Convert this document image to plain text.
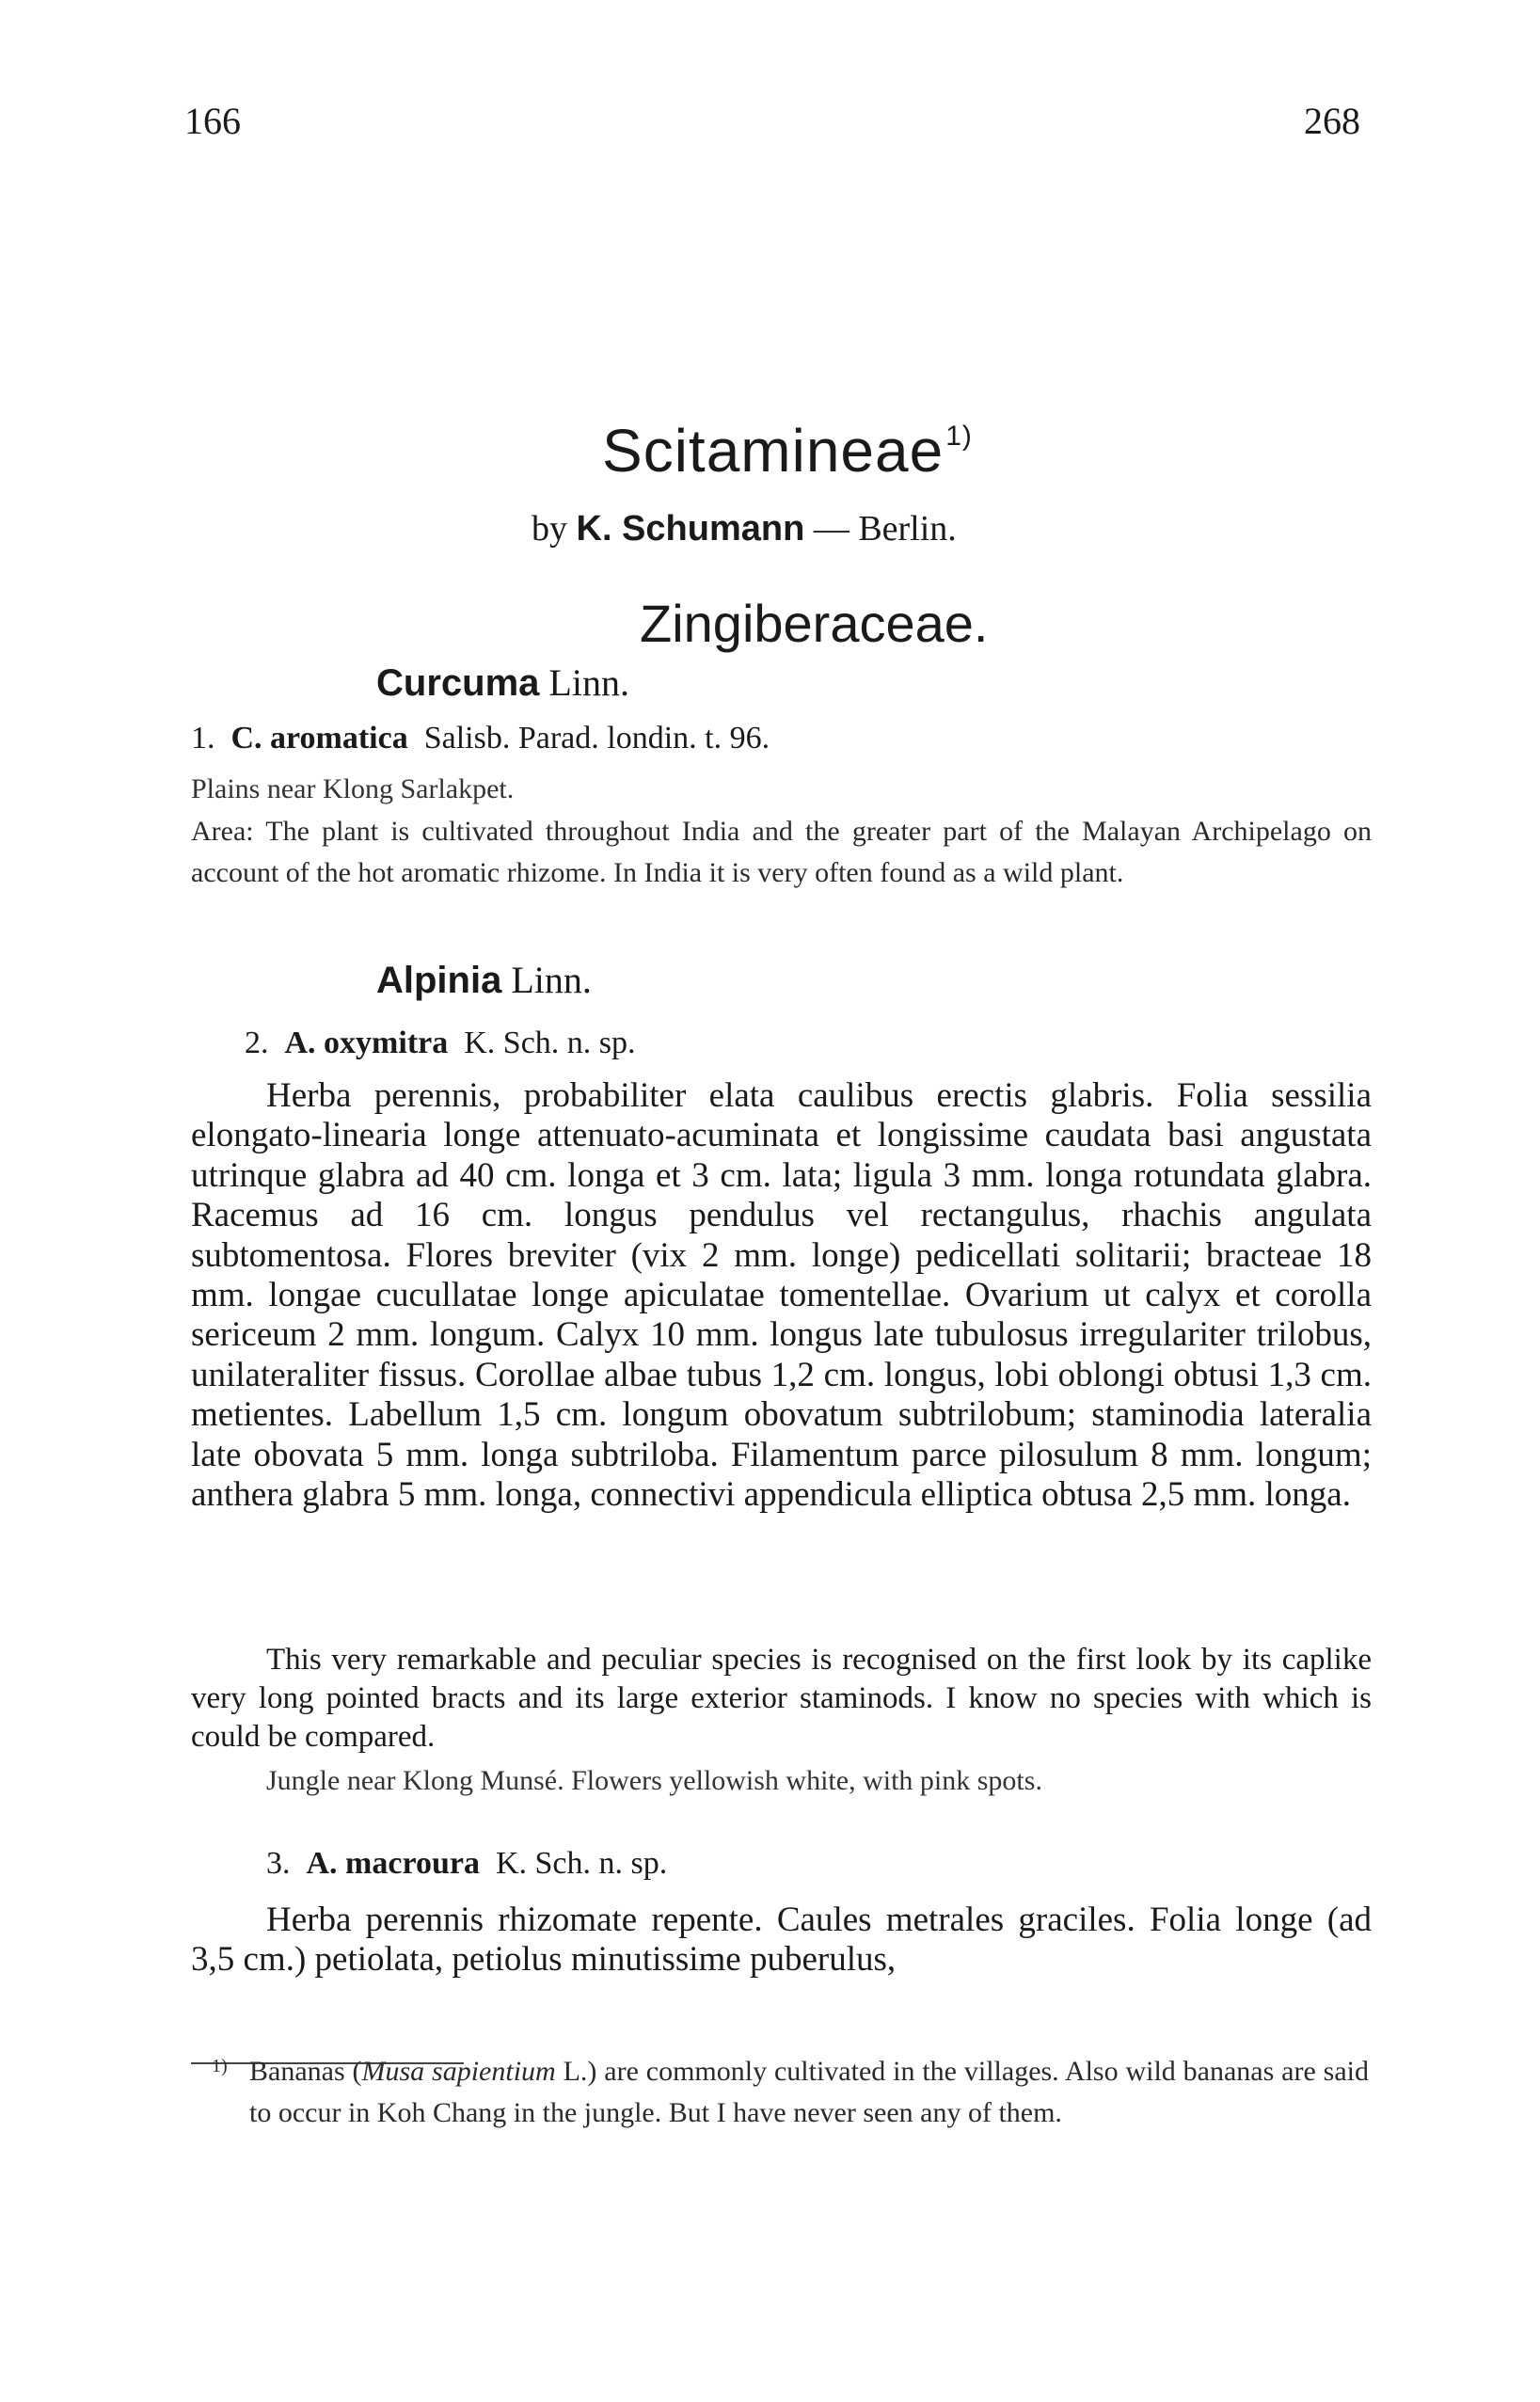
166	268
Scitamineae$^{1)}$
by K. Schumann — Berlin.
Zingiberaceae.
Curcuma Linn.
1. C. aromatica Salisb. Parad. londin. t. 96.
Plains near Klong Sarlakpet.
Area: The plant is cultivated throughout India and the greater part of the Malayan Archipelago on account of the hot aromatic rhizome. In India it is very often found as a wild plant.
Alpinia Linn.
2. A. oxymitra K. Sch. n. sp.
Herba perennis, probabiliter elata caulibus erectis glabris. Folia sessilia elongato-linearia longe attenuato-acuminata et longissime caudata basi angustata utrinque glabra ad 40 cm. longa et 3 cm. lata; ligula 3 mm. longa rotundata glabra. Racemus ad 16 cm. longus pendulus vel rectangulus, rhachis angulata subtomentosa. Flores breviter (vix 2 mm. longe) pedicellati solitarii; bracteae 18 mm. longae cucullatae longe apiculatae tomentellae. Ovarium ut calyx et corolla sericeum 2 mm. longum. Calyx 10 mm. longus late tubulosus irregulariter trilobus, unilateraliter fissus. Corollae albae tubus 1,2 cm. longus, lobi oblongi obtusi 1,3 cm. metientes. Labellum 1,5 cm. longum obovatum subtrilobum; staminodia lateralia late obovata 5 mm. longa subtriloba. Filamentum parce pilosulum 8 mm. longum; anthera glabra 5 mm. longa, connectivi appendicula elliptica obtusa 2,5 mm. longa.
This very remarkable and peculiar species is recognised on the first look by its caplike very long pointed bracts and its large exterior staminods. I know no species with which is could be compared.
Jungle near Klong Munsé. Flowers yellowish white, with pink spots.
3. A. macroura K. Sch. n. sp.
Herba perennis rhizomate repente. Caules metrales graciles. Folia longe (ad 3,5 cm.) petiolata, petiolus minutissime puberulus,
1) Bananas (Musa sapientium L.) are commonly cultivated in the villages. Also wild bananas are said to occur in Koh Chang in the jungle. But I have never seen any of them.
